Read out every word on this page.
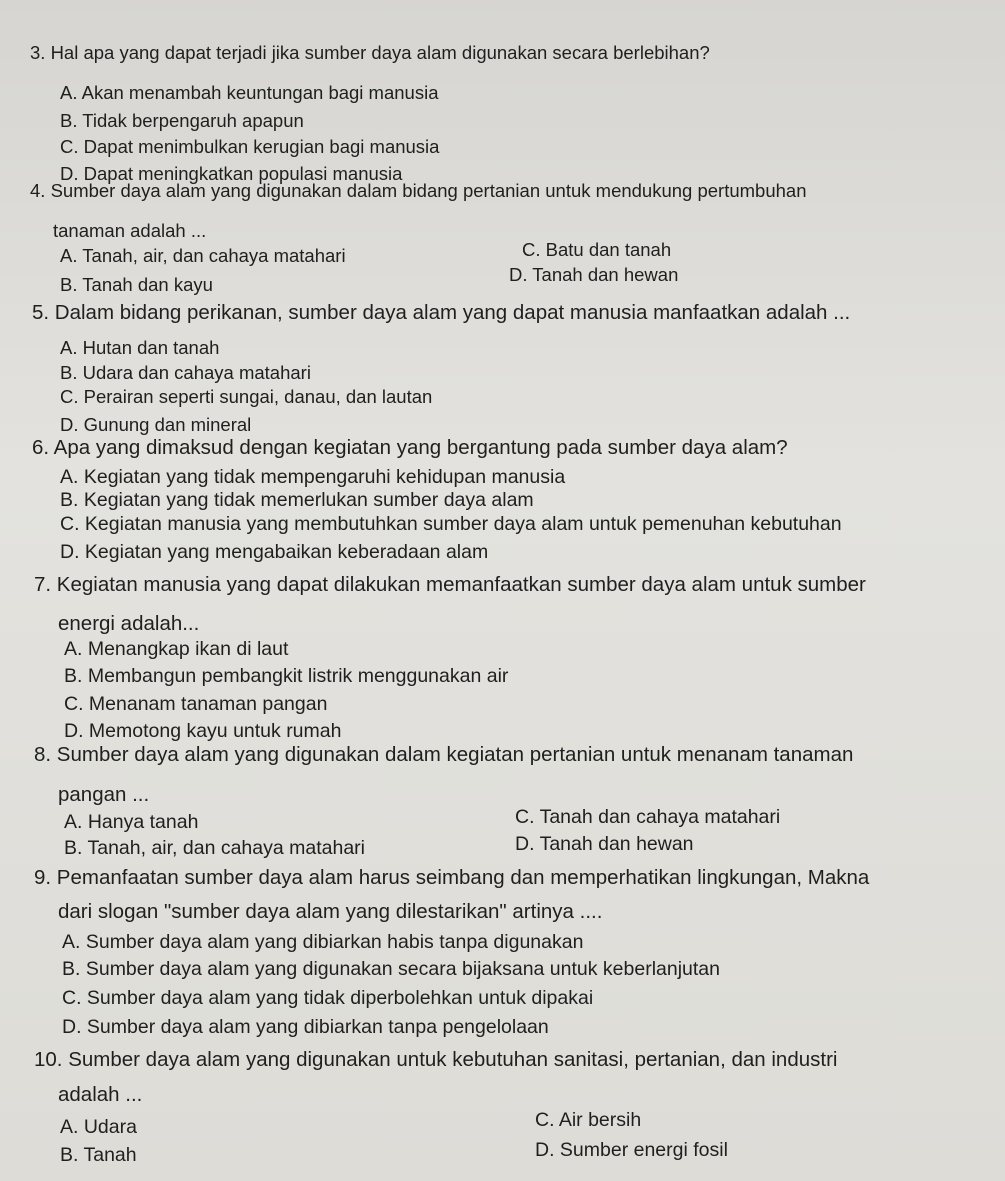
3. Hal apa yang dapat terjadi jika sumber daya alam digunakan secara berlebihan?
A. Akan menambah keuntungan bagi manusia
B. Tidak berpengaruh apapun
C. Dapat menimbulkan kerugian bagi manusia
D. Dapat meningkatkan populasi manusia
4. Sumber daya alam yang digunakan dalam bidang pertanian untuk mendukung pertumbuhan
tanaman adalah ...
A. Tanah, air, dan cahaya matahari	C. Batu dan tanah
B. Tanah dan kayu	D. Tanah dan hewan
5. Dalam bidang perikanan, sumber daya alam yang dapat manusia manfaatkan adalah ...
A. Hutan dan tanah
B. Udara dan cahaya matahari
C. Perairan seperti sungai, danau, dan lautan
D. Gunung dan mineral
6. Apa yang dimaksud dengan kegiatan yang bergantung pada sumber daya alam?
A. Kegiatan yang tidak mempengaruhi kehidupan manusia
B. Kegiatan yang tidak memerlukan sumber daya alam
C. Kegiatan manusia yang membutuhkan sumber daya alam untuk pemenuhan kebutuhan
D. Kegiatan yang mengabaikan keberadaan alam
7. Kegiatan manusia yang dapat dilakukan memanfaatkan sumber daya alam untuk sumber
energi adalah...
A. Menangkap ikan di laut
B. Membangun pembangkit listrik menggunakan air
C. Menanam tanaman pangan
D. Memotong kayu untuk rumah
8. Sumber daya alam yang digunakan dalam kegiatan pertanian untuk menanam tanaman
pangan ...
A. Hanya tanah	C. Tanah dan cahaya matahari
B. Tanah, air, dan cahaya matahari	D. Tanah dan hewan
9. Pemanfaatan sumber daya alam harus seimbang dan memperhatikan lingkungan, Makna
dari slogan "sumber daya alam yang dilestarikan" artinya ....
A. Sumber daya alam yang dibiarkan habis tanpa digunakan
B. Sumber daya alam yang digunakan secara bijaksana untuk keberlanjutan
C. Sumber daya alam yang tidak diperbolehkan untuk dipakai
D. Sumber daya alam yang dibiarkan tanpa pengelolaan
10. Sumber daya alam yang digunakan untuk kebutuhan sanitasi, pertanian, dan industri
adalah ...
A. Udara	C. Air bersih
B. Tanah	D. Sumber energi fosil
